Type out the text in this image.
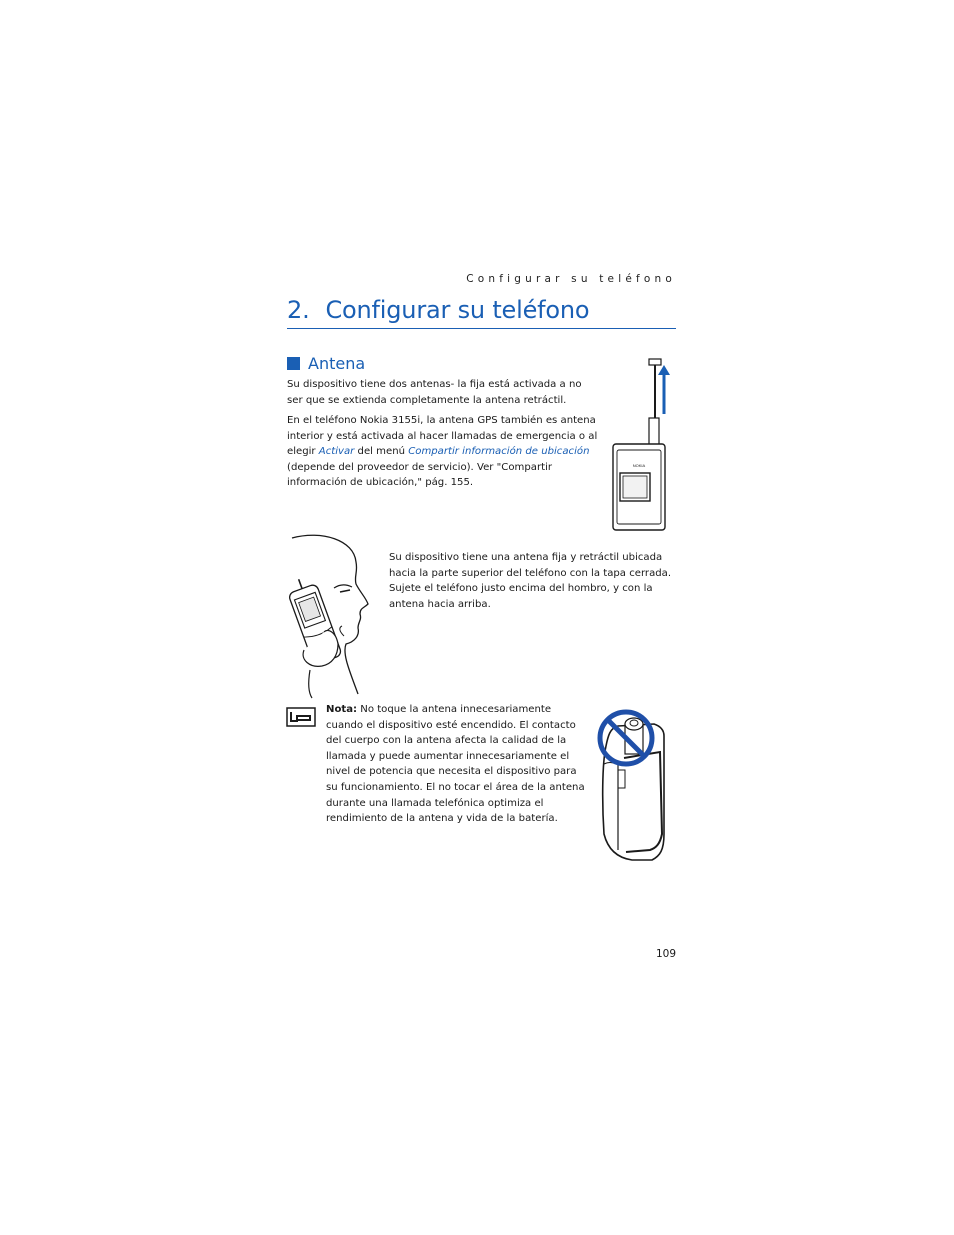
Configurar su teléfono
2. Configurar su teléfono
Antena

Su dispositivo tiene dos antenas- la fija está activada a no ser que se extienda completamente la antena retráctil.

En el teléfono Nokia 3155i, la antena GPS también es antena interior y está activada al hacer llamadas de emergencia o al elegir Activar del menú Compartir información de ubicación (depende del proveedor de servicio). Ver "Compartir información de ubicación," pág. 155.

NOKIA

Su dispositivo tiene una antena fija y retráctil ubicada hacia la parte superior del teléfono con la tapa cerrada. Sujete el teléfono justo encima del hombro, y con la antena hacia arriba.

Nota: No toque la antena innecesariamente cuando el dispositivo esté encendido. El contacto del cuerpo con la antena afecta la calidad de la llamada y puede aumentar innecesariamente el nivel de potencia que necesita el dispositivo para su funcionamiento. El no tocar el área de la antena durante una llamada telefónica optimiza el rendimiento de la antena y vida de la batería.

109
